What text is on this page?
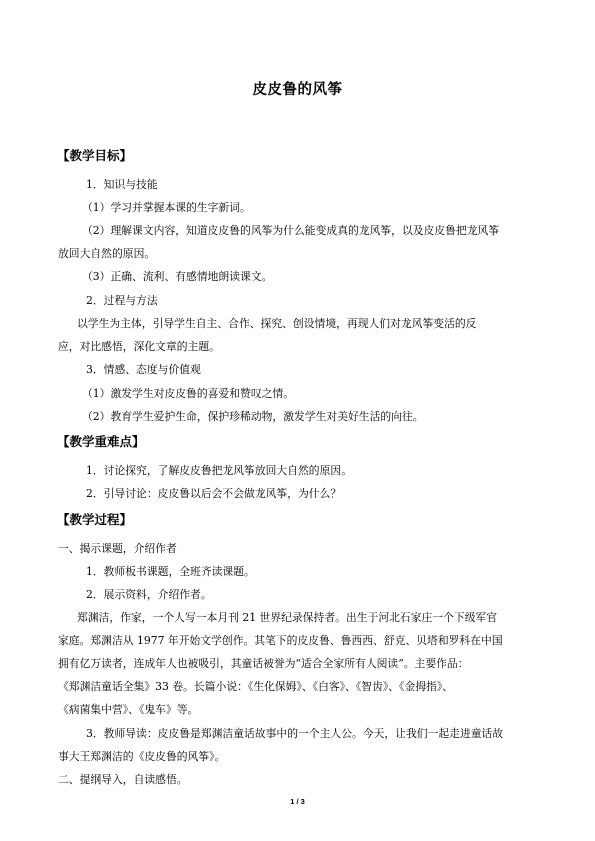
皮皮鲁的风筝
【教学目标】
1．知识与技能
（1）学习并掌握本课的生字新词。
（2）理解课文内容，知道皮皮鲁的风筝为什么能变成真的龙风筝，以及皮皮鲁把龙风筝
放回大自然的原因。
（3）正确、流利、有感情地朗读课文。
2．过程与方法
以学生为主体，引导学生自主、合作、探究、创设情境，再现人们对龙风筝变活的反
应，对比感悟，深化文章的主题。
3．情感、态度与价值观
（1）激发学生对皮皮鲁的喜爱和赞叹之情。
（2）教育学生爱护生命，保护珍稀动物，激发学生对美好生活的向往。
【教学重难点】
1．讨论探究，了解皮皮鲁把龙风筝放回大自然的原因。
2．引导讨论：皮皮鲁以后会不会做龙风筝，为什么？
【教学过程】
一、揭示课题，介绍作者
1．教师板书课题，全班齐读课题。
2．展示资料，介绍作者。
郑渊洁，作家，一个人写一本月刊 21 世界纪录保持者。出生于河北石家庄一个下级军官
家庭。郑渊洁从 1977 年开始文学创作。其笔下的皮皮鲁、鲁西西、舒克、贝塔和罗科在中国
拥有亿万读者，连成年人也被吸引，其童话被誉为“适合全家所有人阅读”。主要作品：
《郑渊洁童话全集》33 卷。长篇小说：《生化保姆》、《白客》、《智齿》、《金拇指》、
《病菌集中营》、《鬼车》等。
3．教师导读：皮皮鲁是郑渊洁童话故事中的一个主人公。今天，让我们一起走进童话故
事大王郑渊洁的《皮皮鲁的风筝》。
二、提纲导入，自读感悟。
1 / 3
